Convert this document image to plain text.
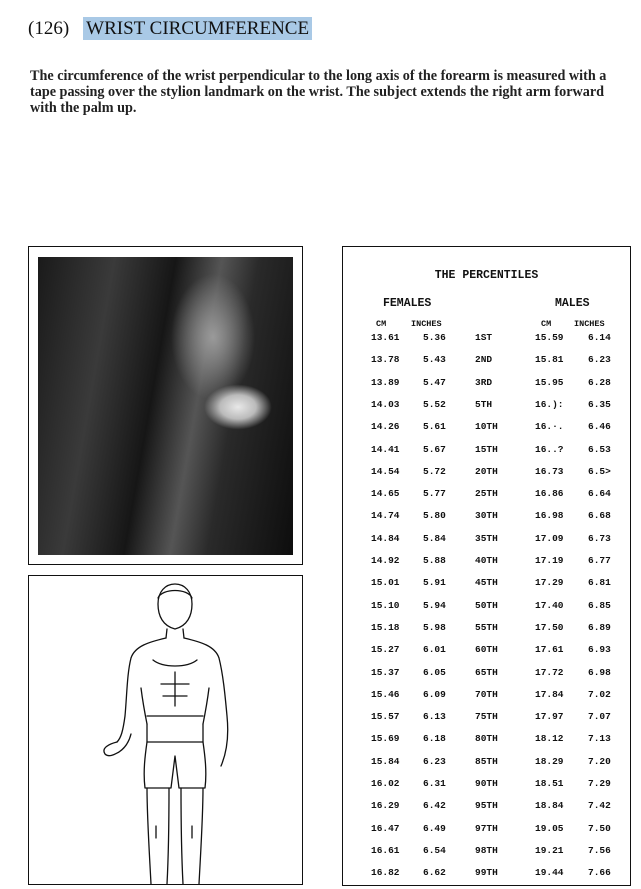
(126) WRIST CIRCUMFERENCE
The circumference of the wrist perpendicular to the long axis of the forearm is measured with a tape passing over the stylion landmark on the wrist. The subject extends the right arm forward with the palm up.
THE PERCENTILES
FEMALES	MALES
CM	INCHES	CM	INCHES
13.61 5.36	1ST	15.59	6.14
13.78 5.43	2ND	15.81	6.23
13.89 5.47	3RD	15.95	6.28
14.03 5.52	5TH	16.):	6.35
14.26 5.61	10TH	16.·.	6.46
14.41 5.67	15TH	16..?	6.53
14.54 5.72	20TH	16.73	6.5>
14.65 5.77	25TH	16.86	6.64
14.74 5.80	30TH	16.98	6.68
14.84 5.84	35TH	17.09	6.73
14.92 5.88	40TH	17.19	6.77
15.01 5.91	45TH	17.29	6.81
15.10 5.94	50TH	17.40	6.85
15.18 5.98	55TH	17.50	6.89
15.27 6.01	60TH	17.61	6.93
15.37 6.05	65TH	17.72	6.98
15.46 6.09	70TH	17.84	7.02
15.57 6.13	75TH	17.97	7.07
15.69 6.18	80TH	18.12	7.13
15.84 6.23	85TH	18.29	7.20
16.02 6.31	90TH	18.51	7.29
16.29 6.42	95TH	18.84	7.42
16.47 6.49	97TH	19.05	7.50
16.61 6.54	98TH	19.21	7.56
16.82 6.62	99TH	19.44	7.66
